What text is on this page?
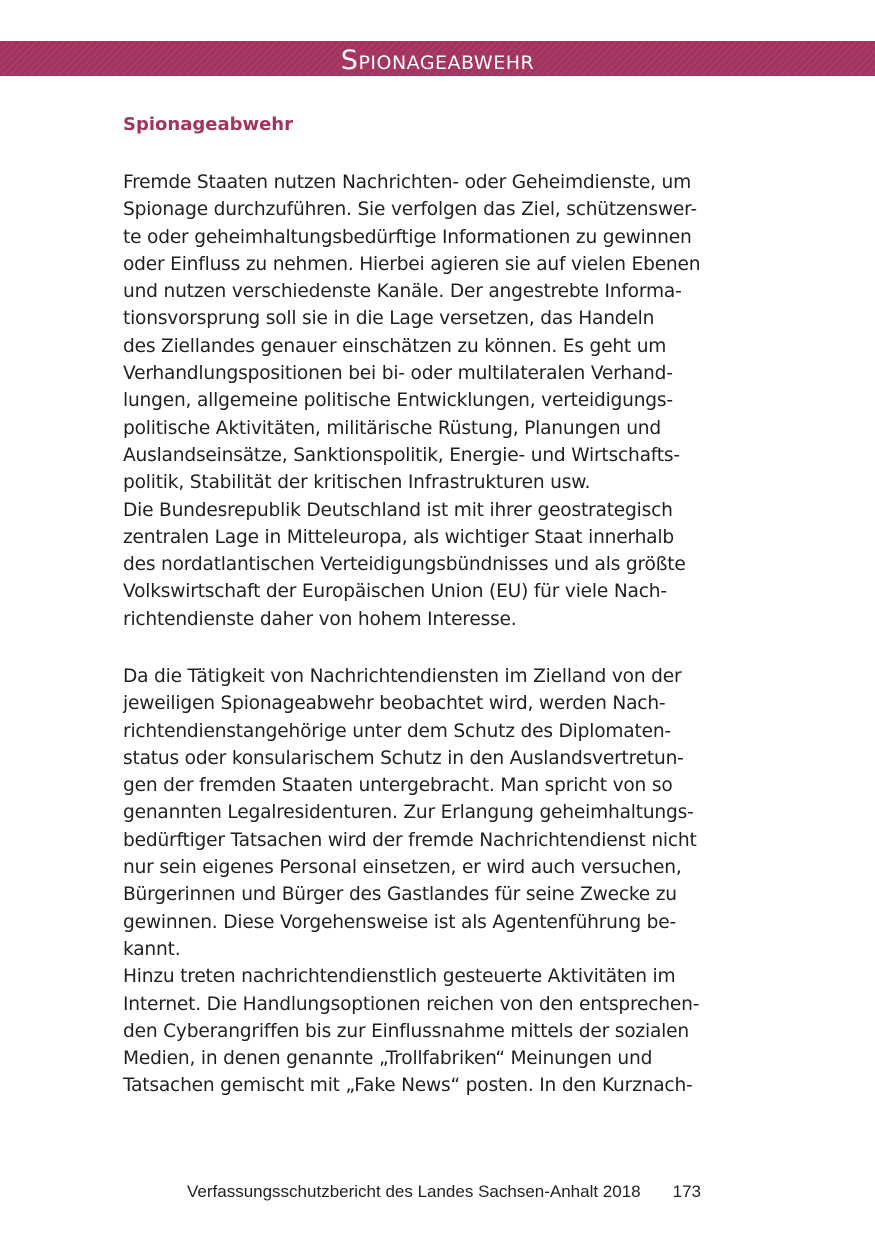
SPIONAGEABWEHR
Spionageabwehr
Fremde Staaten nutzen Nachrichten- oder Geheimdienste, um
Spionage durchzuführen. Sie verfolgen das Ziel, schützenswer-
te oder geheimhaltungsbedürftige Informationen zu gewinnen
oder Einfluss zu nehmen. Hierbei agieren sie auf vielen Ebenen
und nutzen verschiedenste Kanäle. Der angestrebte Informa-
tionsvorsprung soll sie in die Lage versetzen, das Handeln
des Ziellandes genauer einschätzen zu können. Es geht um
Verhandlungspositionen bei bi- oder multilateralen Verhand-
lungen, allgemeine politische Entwicklungen, verteidigungs-
politische Aktivitäten, militärische Rüstung, Planungen und
Auslandseinsätze, Sanktionspolitik, Energie- und Wirtschafts-
politik, Stabilität der kritischen Infrastrukturen usw.
Die Bundesrepublik Deutschland ist mit ihrer geostrategisch
zentralen Lage in Mitteleuropa, als wichtiger Staat innerhalb
des nordatlantischen Verteidigungsbündnisses und als größte
Volkswirtschaft der Europäischen Union (EU) für viele Nach-
richtendienste daher von hohem Interesse.
Da die Tätigkeit von Nachrichtendiensten im Zielland von der
jeweiligen Spionageabwehr beobachtet wird, werden Nach-
richtendienstangehörige unter dem Schutz des Diplomaten-
status oder konsularischem Schutz in den Auslandsvertretun-
gen der fremden Staaten untergebracht. Man spricht von so
genannten Legalresidenturen. Zur Erlangung geheimhaltungs-
bedürftiger Tatsachen wird der fremde Nachrichtendienst nicht
nur sein eigenes Personal einsetzen, er wird auch versuchen,
Bürgerinnen und Bürger des Gastlandes für seine Zwecke zu
gewinnen. Diese Vorgehensweise ist als Agentenführung be-
kannt.
Hinzu treten nachrichtendienstlich gesteuerte Aktivitäten im
Internet. Die Handlungsoptionen reichen von den entsprechen-
den Cyberangriffen bis zur Einflussnahme mittels der sozialen
Medien, in denen genannte „Trollfabriken“ Meinungen und
Tatsachen gemischt mit „Fake News“ posten. In den Kurznach-
Verfassungsschutzbericht des Landes Sachsen-Anhalt 2018 173
